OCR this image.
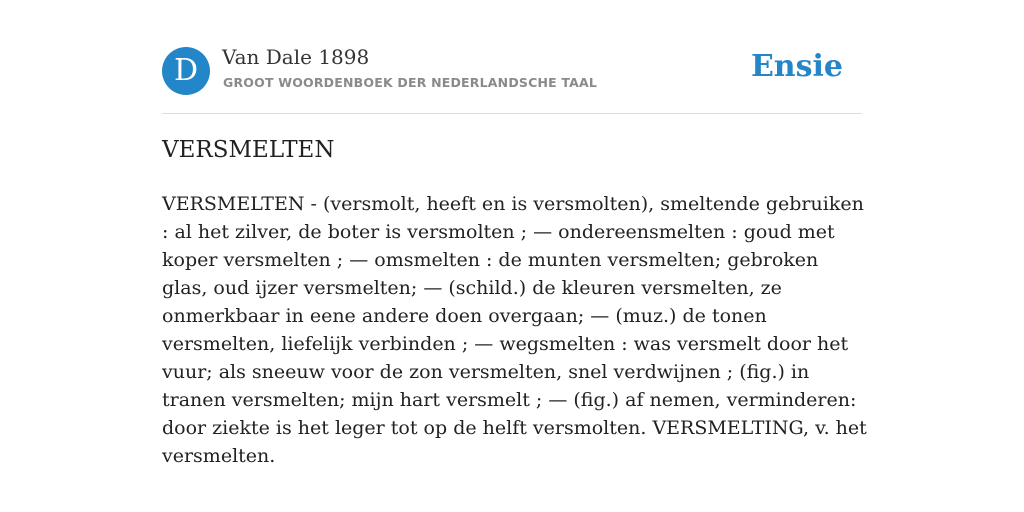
D	Van Dale 1898
GROOT WOORDENBOEK DER NEDERLANDSCHE TAAL	Ensie
VERSMELTEN

VERSMELTEN - (versmolt, heeft en is versmolten), smeltende gebruiken : al het zilver, de boter is versmolten ; — ondereensmelten : goud met koper versmelten ; — omsmelten : de munten versmelten; gebroken glas, oud ijzer versmelten; — (schild.) de kleuren versmelten, ze onmerkbaar in eene andere doen overgaan; — (muz.) de tonen versmelten, liefelijk verbinden ; — wegsmelten : was versmelt door het vuur; als sneeuw voor de zon versmelten, snel verdwijnen ; (fig.) in tranen versmelten; mijn hart versmelt ; — (fig.) af nemen, verminderen: door ziekte is het leger tot op de helft versmolten. VERSMELTING, v. het versmelten.
